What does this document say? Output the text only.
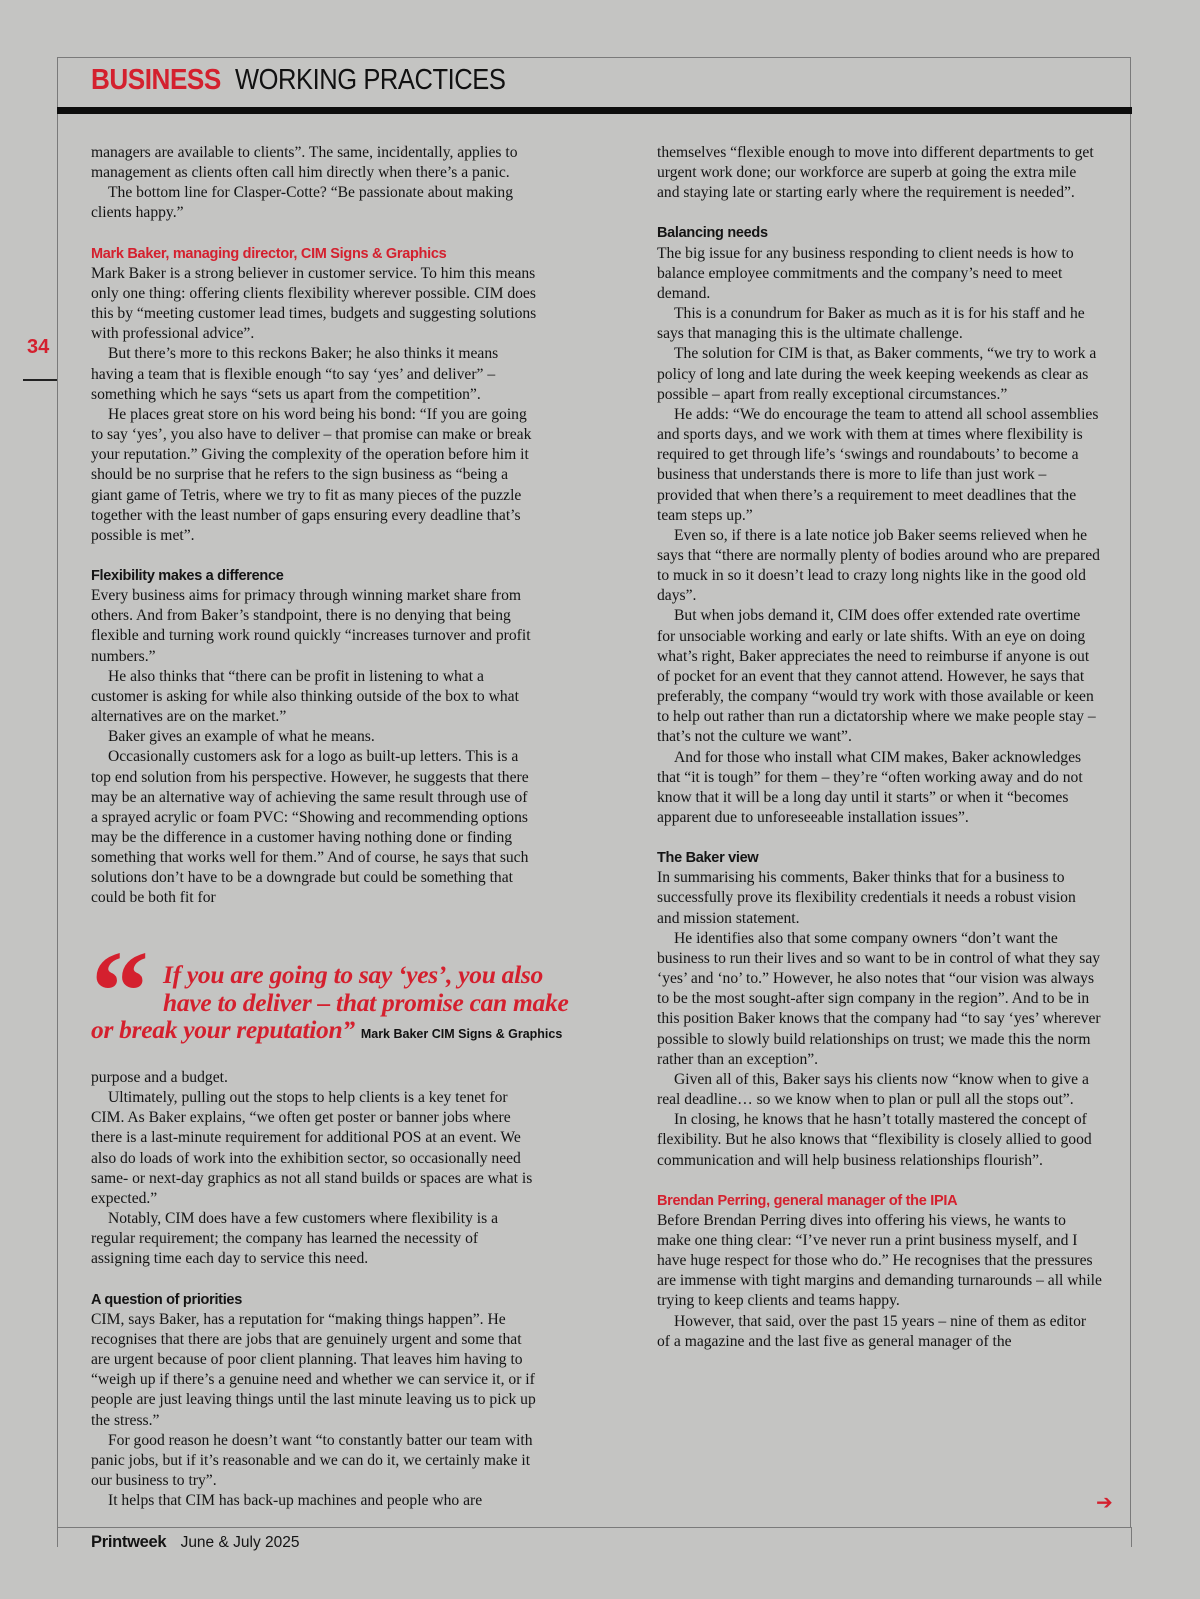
BUSINESS WORKING PRACTICES
34

managers are available to clients”. The same, incidentally, applies to management as clients often call him directly when there’s a panic.

The bottom line for Clasper-Cotte? “Be passionate about making clients happy.”

Mark Baker, managing director, CIM Signs & Graphics

Mark Baker is a strong believer in customer service. To him this means only one thing: offering clients flexibility wherever possible. CIM does this by “meeting customer lead times, budgets and suggesting solutions with professional advice”.

But there’s more to this reckons Baker; he also thinks it means having a team that is flexible enough “to say ‘yes’ and deliver” – something which he says “sets us apart from the competition”.

He places great store on his word being his bond: “If you are going to say ‘yes’, you also have to deliver – that promise can make or break your reputation.” Giving the complexity of the operation before him it should be no surprise that he refers to the sign business as “being a giant game of Tetris, where we try to fit as many pieces of the puzzle together with the least number of gaps ensuring every deadline that’s possible is met”.

Flexibility makes a difference

Every business aims for primacy through winning market share from others. And from Baker’s standpoint, there is no denying that being flexible and turning work round quickly “increases turnover and profit numbers.”

He also thinks that “there can be profit in listening to what a customer is asking for while also thinking outside of the box to what alternatives are on the market.”

Baker gives an example of what he means.

Occasionally customers ask for a logo as built-up letters. This is a top end solution from his perspective. However, he suggests that there may be an alternative way of achieving the same result through use of a sprayed acrylic or foam PVC: “Showing and recommending options may be the difference in a customer having nothing done or finding something that works well for them.” And of course, he says that such solutions don’t have to be a downgrade but could be something that could be both fit for

“ If you are going to say ‘yes’, you also
have to deliver – that promise can make
or break your reputation” Mark Baker CIM Signs & Graphics

purpose and a budget.

Ultimately, pulling out the stops to help clients is a key tenet for CIM. As Baker explains, “we often get poster or banner jobs where there is a last-minute requirement for additional POS at an event. We also do loads of work into the exhibition sector, so occasionally need same- or next-day graphics as not all stand builds or spaces are what is expected.”

Notably, CIM does have a few customers where flexibility is a regular requirement; the company has learned the necessity of assigning time each day to service this need.

A question of priorities

CIM, says Baker, has a reputation for “making things happen”. He recognises that there are jobs that are genuinely urgent and some that are urgent because of poor client planning. That leaves him having to “weigh up if there’s a genuine need and whether we can service it, or if people are just leaving things until the last minute leaving us to pick up the stress.”

For good reason he doesn’t want “to constantly batter our team with panic jobs, but if it’s reasonable and we can do it, we certainly make it our business to try”.

It helps that CIM has back-up machines and people who are

themselves “flexible enough to move into different departments to get urgent work done; our workforce are superb at going the extra mile and staying late or starting early where the requirement is needed”.

Balancing needs

The big issue for any business responding to client needs is how to balance employee commitments and the company’s need to meet demand.

This is a conundrum for Baker as much as it is for his staff and he says that managing this is the ultimate challenge.

The solution for CIM is that, as Baker comments, “we try to work a policy of long and late during the week keeping weekends as clear as possible – apart from really exceptional circumstances.”

He adds: “We do encourage the team to attend all school assemblies and sports days, and we work with them at times where flexibility is required to get through life’s ‘swings and roundabouts’ to become a business that understands there is more to life than just work – provided that when there’s a requirement to meet deadlines that the team steps up.”

Even so, if there is a late notice job Baker seems relieved when he says that “there are normally plenty of bodies around who are prepared to muck in so it doesn’t lead to crazy long nights like in the good old days”.

But when jobs demand it, CIM does offer extended rate overtime for unsociable working and early or late shifts. With an eye on doing what’s right, Baker appreciates the need to reimburse if anyone is out of pocket for an event that they cannot attend. However, he says that preferably, the company “would try work with those available or keen to help out rather than run a dictatorship where we make people stay – that’s not the culture we want”.

And for those who install what CIM makes, Baker acknowledges that “it is tough” for them – they’re “often working away and do not know that it will be a long day until it starts” or when it “becomes apparent due to unforeseeable installation issues”.

The Baker view

In summarising his comments, Baker thinks that for a business to successfully prove its flexibility credentials it needs a robust vision and mission statement.

He identifies also that some company owners “don’t want the business to run their lives and so want to be in control of what they say ‘yes’ and ‘no’ to.” However, he also notes that “our vision was always to be the most sought-after sign company in the region”. And to be in this position Baker knows that the company had “to say ‘yes’ wherever possible to slowly build relationships on trust; we made this the norm rather than an exception”.

Given all of this, Baker says his clients now “know when to give a real deadline… so we know when to plan or pull all the stops out”.

In closing, he knows that he hasn’t totally mastered the concept of flexibility. But he also knows that “flexibility is closely allied to good communication and will help business relationships flourish”.

Brendan Perring, general manager of the IPIA

Before Brendan Perring dives into offering his views, he wants to make one thing clear: “I’ve never run a print business myself, and I have huge respect for those who do.” He recognises that the pressures are immense with tight margins and demanding turnarounds – all while trying to keep clients and teams happy.

However, that said, over the past 15 years – nine of them as editor of a magazine and the last five as general manager of the

➔
Printweek June & July 2025
